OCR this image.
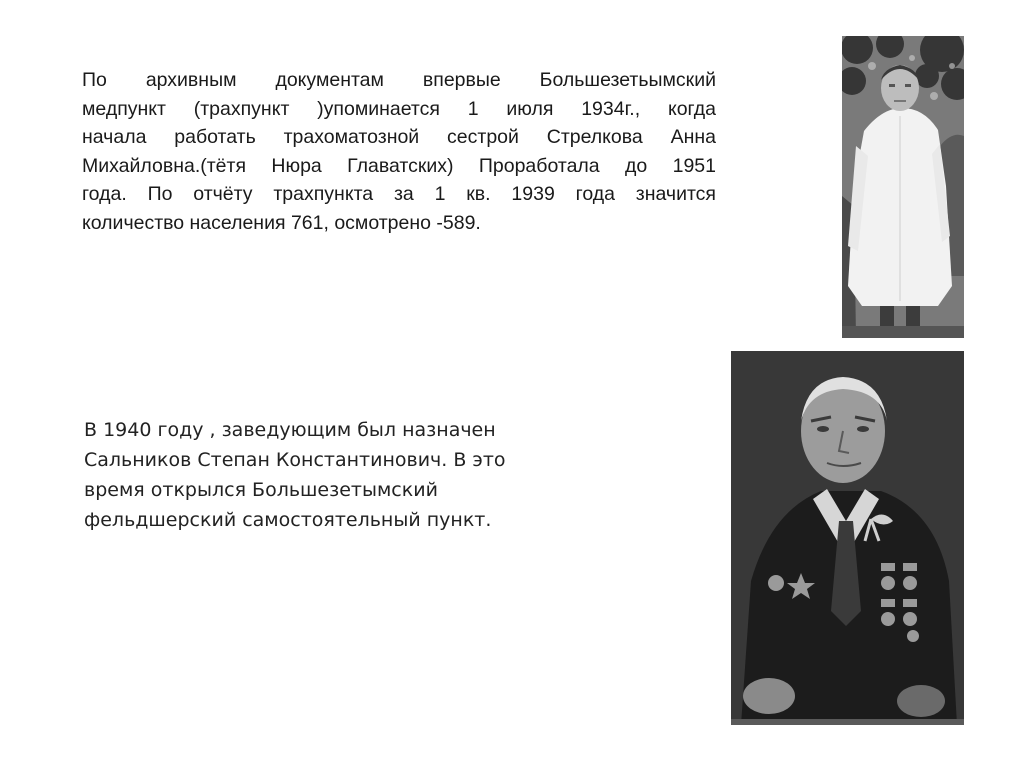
По архивным документам впервые Большезетьымский
медпункт (трахпункт )упоминается 1 июля 1934г., когда
начала работать трахоматозной сестрой Стрелкова Анна
Михайловна.(тётя Нюра Главатских) Проработала до 1951
года. По отчёту трахпункта за 1 кв. 1939 года значится
количество населения 761, осмотрено -589.
В 1940 году , заведующим был назначен
Сальников Степан Константинович. В это
время открылся Большезетымский
фельдшерский самостоятельный пункт.
